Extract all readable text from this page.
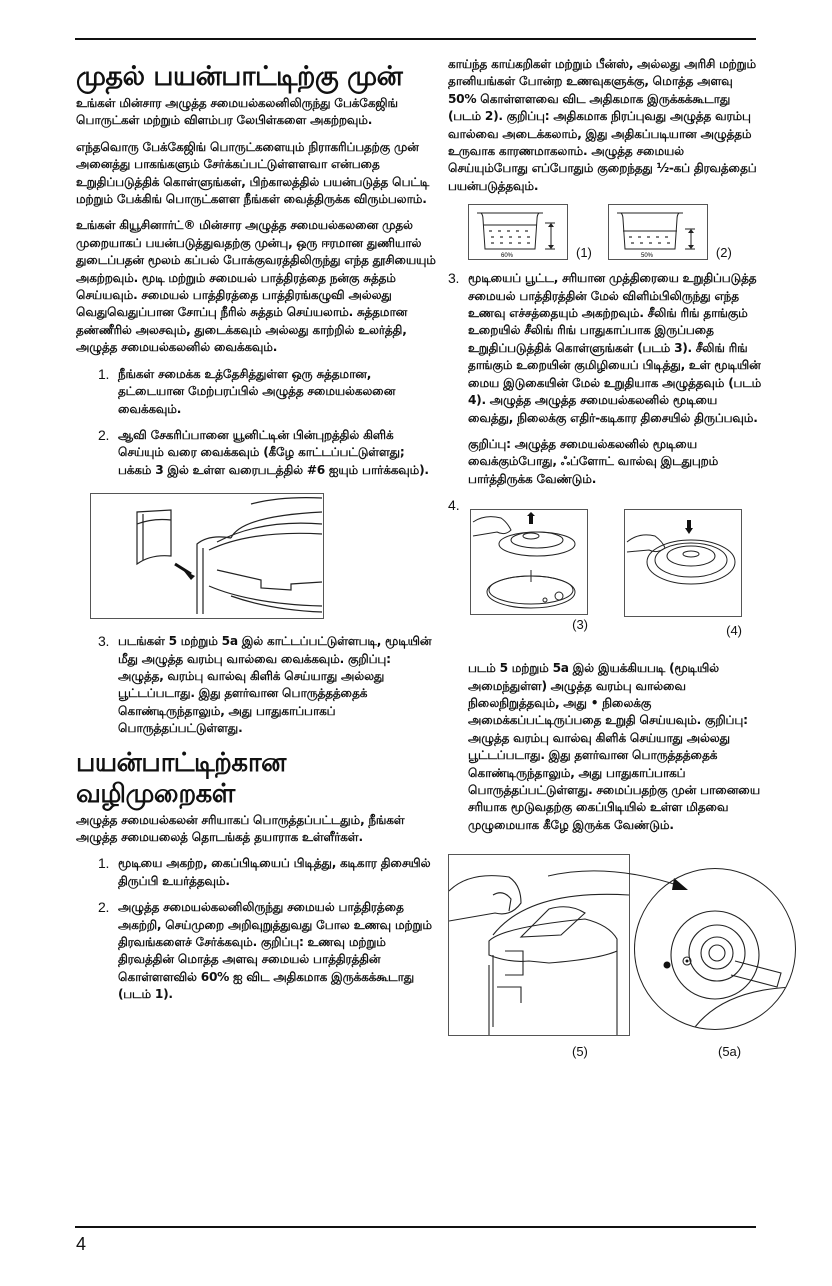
முதல் பயன்பாட்டிற்கு முன்

உங்கள் மின்சார அழுத்த சமையல்கலனிலிருந்து பேக்கேஜிங் பொருட்கள் மற்றும் விளம்பர லேபிள்களை அகற்றவும்.

எந்தவொரு பேக்கேஜிங் பொருட்களையும் நிராகரிப்பதற்கு முன் அனைத்து பாகங்களும் சேர்க்கப்பட்டுள்ளளவா என்பதை உறுதிப்படுத்திக் கொள்ளுங்கள், பிற்காலத்தில் பயன்படுத்த பெட்டி மற்றும் பேக்கிங் பொருட்களள நீங்கள் வைத்திருக்க விரும்பலாம்.

உங்கள் கியூசினார்ட்® மின்சார அழுத்த சமையல்கலனை முதல் முறையாகப் பயன்படுத்துவதற்கு முன்பு, ஒரு ஈரமான துணியால் துடைப்பதன் மூலம் கப்பல் போக்குவரத்திலிருந்து எந்த தூசியையும் அகற்றவும். மூடி மற்றும் சமையல் பாத்திரத்தை நன்கு சுத்தம் செய்யவும். சமையல் பாத்திரத்தை பாத்திரங்கழுவி அல்லது வெதுவெதுப்பான சோப்பு நீரில் சுத்தம் செய்யலாம். சுத்தமான தண்ணீரில் அலசவும், துடைக்கவும் அல்லது காற்றில் உலர்த்தி, அழுத்த சமையல்கலனில் வைக்கவும்.

1. நீங்கள் சமைக்க உத்தேசித்துள்ள ஒரு சுத்தமான, தட்டையான மேற்பரப்பில் அழுத்த சமையல்கலனை வைக்கவும்.
2. ஆவி சேகரிப்பானை யூனிட்டின் பின்புறத்தில் கிளிக் செய்யும் வரை வைக்கவும் (கீழே காட்டப்பட்டுள்ளது; பக்கம் 3 இல் உள்ள வரைபடத்தில் #6 ஐயும் பார்க்கவும்).
3. படங்கள் 5 மற்றும் 5a இல் காட்டப்பட்டுள்ளபடி, மூடியின் மீது அழுத்த வரம்பு வால்வை வைக்கவும். குறிப்பு: அழுத்த, வரம்பு வால்வு கிளிக் செய்யாது அல்லது பூட்டப்படாது. இது தளர்வான பொருத்தத்தைக் கொண்டிருந்தாலும், அது பாதுகாப்பாகப் பொருத்தப்பட்டுள்ளது.
பயன்பாட்டிற்கான வழிமுறைகள்

அழுத்த சமையல்கலன் சரியாகப் பொருத்தப்பட்டதும், நீங்கள் அழுத்த சமையலைத் தொடங்கத் தயாராக உள்ளீர்கள்.

1. மூடியை அகற்ற, கைப்பிடியைப் பிடித்து, கடிகார திசையில் திருப்பி உயர்த்தவும்.
2. அழுத்த சமையல்கலனிலிருந்து சமையல் பாத்திரத்தை அகற்றி, செய்முறை அறிவுறுத்துவது போல உணவு மற்றும் திரவங்களைச் சேர்க்கவும். குறிப்பு: உணவு மற்றும் திரவத்தின் மொத்த அளவு சமையல் பாத்திரத்தின் கொள்ளளவில் 60% ஐ விட அதிகமாக இருக்கக்கூடாது (படம் 1).

காய்ந்த காய்கறிகள் மற்றும் பீன்ஸ், அல்லது அரிசி மற்றும் தானியங்கள் போன்ற உணவுகளுக்கு, மொத்த அளவு 50% கொள்ளளவை விட அதிகமாக இருக்கக்கூடாது (படம் 2). குறிப்பு: அதிகமாக நிரப்புவது அழுத்த வரம்பு வால்வை அடைக்கலாம், இது அதிகப்படியான அழுத்தம் உருவாக காரணமாகலாம். அழுத்த சமையல் செய்யும்போது எப்போதும் குறைந்தது ½-கப் திரவத்தைப் பயன்படுத்தவும்.

60%	(1)	50%	(2)
3. மூடியைப் பூட்ட, சரியான முத்திரையை உறுதிப்படுத்த சமையல் பாத்திரத்தின் மேல் விளிம்பிலிருந்து எந்த உணவு எச்சத்தையும் அகற்றவும். சீலிங் ரிங் தாங்கும் உறையில் சீலிங் ரிங் பாதுகாப்பாக இருப்பதை உறுதிப்படுத்திக் கொள்ளுங்கள் (படம் 3). சீலிங் ரிங் தாங்கும் உறையின் குமிழியைப் பிடித்து, உள் மூடியின் மைய இடுகையின் மேல் உறுதியாக அழுத்தவும் (படம் 4). அழுத்த அழுத்த சமையல்கலனில் மூடியை வைத்து, நிலைக்கு எதிர்-கடிகார திசையில் திருப்பவும்.

குறிப்பு: அழுத்த சமையல்கலனில் மூடியை வைக்கும்போது, ஃப்ளோட் வால்வு இடதுபுறம் பார்த்திருக்க வேண்டும்.

4.
(3)	(4)

படம் 5 மற்றும் 5a இல் இயக்கியபடி (மூடியில் அமைந்துள்ள) அழுத்த வரம்பு வால்வை நிலைநிறுத்தவும், அது • நிலைக்கு அமைக்கப்பட்டிருப்பதை உறுதி செய்யவும். குறிப்பு: அழுத்த வரம்பு வால்வு கிளிக் செய்யாது அல்லது பூட்டப்படாது. இது தளர்வான பொருத்தத்தைக் கொண்டிருந்தாலும், அது பாதுகாப்பாகப் பொருத்தப்பட்டுள்ளது. சமைப்பதற்கு முன் பானையை சரியாக மூடுவதற்கு கைப்பிடியில் உள்ள மிதவை முழுமையாக கீழே இருக்க வேண்டும்.

(5)	(5a)
4
